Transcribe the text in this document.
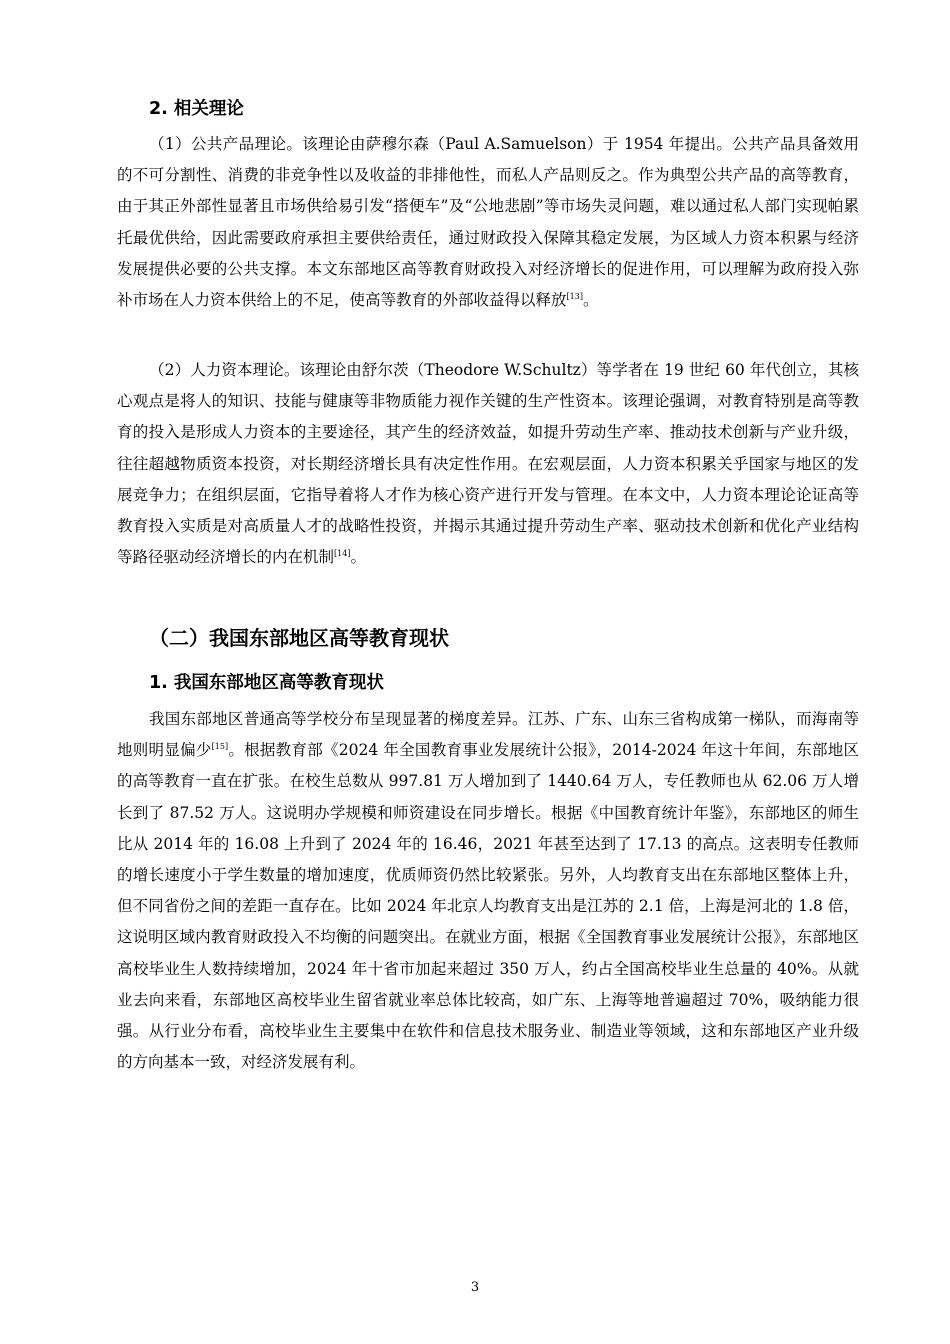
2. 相关理论

（1）公共产品理论。该理论由萨穆尔森（Paul A.Samuelson）于 1954 年提出。公共产品具备效用的不可分割性、消费的非竞争性以及收益的非排他性，而私人产品则反之。作为典型公共产品的高等教育，由于其正外部性显著且市场供给易引发“搭便车”及“公地悲剧”等市场失灵问题，难以通过私人部门实现帕累托最优供给，因此需要政府承担主要供给责任，通过财政投入保障其稳定发展，为区域人力资本积累与经济发展提供必要的公共支撑。本文东部地区高等教育财政投入对经济增长的促进作用，可以理解为政府投入弥补市场在人力资本供给上的不足，使高等教育的外部收益得以释放[13]。

（2）人力资本理论。该理论由舒尔茨（Theodore W.Schultz）等学者在 19 世纪 60 年代创立，其核心观点是将人的知识、技能与健康等非物质能力视作关键的生产性资本。该理论强调，对教育特别是高等教育的投入是形成人力资本的主要途径，其产生的经济效益，如提升劳动生产率、推动技术创新与产业升级，往往超越物质资本投资，对长期经济增长具有决定性作用。在宏观层面，人力资本积累关乎国家与地区的发展竞争力；在组织层面，它指导着将人才作为核心资产进行开发与管理。在本文中，人力资本理论论证高等教育投入实质是对高质量人才的战略性投资，并揭示其通过提升劳动生产率、驱动技术创新和优化产业结构等路径驱动经济增长的内在机制[14]。

（二）我国东部地区高等教育现状
1. 我国东部地区高等教育现状

我国东部地区普通高等学校分布呈现显著的梯度差异。江苏、广东、山东三省构成第一梯队，而海南等地则明显偏少[15]。根据教育部《2024 年全国教育事业发展统计公报》，2014-2024 年这十年间，东部地区的高等教育一直在扩张。在校生总数从 997.81 万人增加到了 1440.64 万人，专任教师也从 62.06 万人增长到了 87.52 万人。这说明办学规模和师资建设在同步增长。根据《中国教育统计年鉴》，东部地区的师生比从 2014 年的 16.08 上升到了 2024 年的 16.46，2021 年甚至达到了 17.13 的高点。这表明专任教师的增长速度小于学生数量的增加速度，优质师资仍然比较紧张。另外，人均教育支出在东部地区整体上升，但不同省份之间的差距一直存在。比如 2024 年北京人均教育支出是江苏的 2.1 倍，上海是河北的 1.8 倍，这说明区域内教育财政投入不均衡的问题突出。在就业方面，根据《全国教育事业发展统计公报》，东部地区高校毕业生人数持续增加，2024 年十省市加起来超过 350 万人，约占全国高校毕业生总量的 40%。从就业去向来看，东部地区高校毕业生留省就业率总体比较高，如广东、上海等地普遍超过 70%，吸纳能力很强。从行业分布看，高校毕业生主要集中在软件和信息技术服务业、制造业等领域，这和东部地区产业升级的方向基本一致，对经济发展有利。

3
